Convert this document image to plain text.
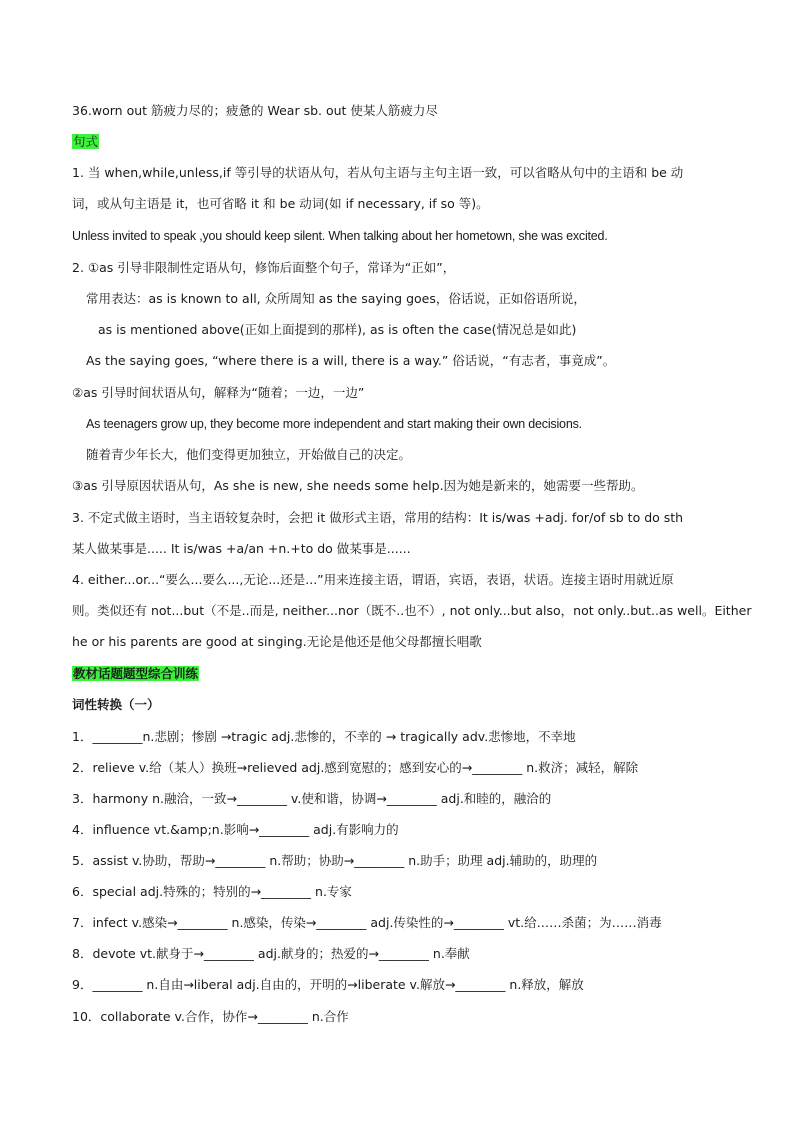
36.worn out 筋疲力尽的；疲惫的 Wear sb. out 使某人筋疲力尽
句式
1. 当 when,while,unless,if 等引导的状语从句，若从句主语与主句主语一致，可以省略从句中的主语和 be 动
词，或从句主语是 it，也可省略 it 和 be 动词(如 if necessary, if so 等)。
Unless invited to speak ,you should keep silent. When talking about her hometown, she was excited.
2. ①as 引导非限制性定语从句，修饰后面整个句子，常译为“正如”，
常用表达：as is known to all, 众所周知 as the saying goes，俗话说，正如俗语所说，
as is mentioned above(正如上面提到的那样), as is often the case(情况总是如此)
As the saying goes, “where there is a will, there is a way.” 俗话说，“有志者，事竟成”。
②as 引导时间状语从句，解释为“随着；一边，一边”
As teenagers grow up, they become more independent and start making their own decisions.
随着青少年长大，他们变得更加独立，开始做自己的决定。
③as 引导原因状语从句，As she is new, she needs some help.因为她是新来的，她需要一些帮助。
3. 不定式做主语时，当主语较复杂时，会把 it 做形式主语，常用的结构：It is/was +adj. for/of sb to do sth
某人做某事是..... It is/was +a/an +n.+to do 做某事是......
4. either...or...“要么...要么...,无论...还是...”用来连接主语，谓语，宾语，表语，状语。连接主语时用就近原
则。类似还有 not...but（不是..而是, neither...nor（既不..也不）, not only...but also，not only..but..as well。Either
he or his parents are good at singing.无论是他还是他父母都擅长唱歌
教材话题题型综合训练
词性转换（一）
1．________n.悲剧；惨剧 →tragic adj.悲惨的，不幸的 → tragically adv.悲惨地，不幸地
2．relieve v.给（某人）换班→relieved adj.感到宽慰的；感到安心的→________ n.救济；减轻，解除
3．harmony n.融洽，一致→________ v.使和谐，协调→________ adj.和睦的，融洽的
4．influence vt.&amp;n.影响→________ adj.有影响力的
5．assist v.协助，帮助→________ n.帮助；协助→________ n.助手；助理 adj.辅助的，助理的
6．special adj.特殊的；特别的→________ n.专家
7．infect v.感染→________ n.感染，传染→________ adj.传染性的→________ vt.给……杀菌；为……消毒
8．devote vt.献身于→________ adj.献身的；热爱的→________ n.奉献
9．________ n.自由→liberal adj.自由的，开明的→liberate v.解放→________ n.释放，解放
10．collaborate v.合作，协作→________ n.合作
